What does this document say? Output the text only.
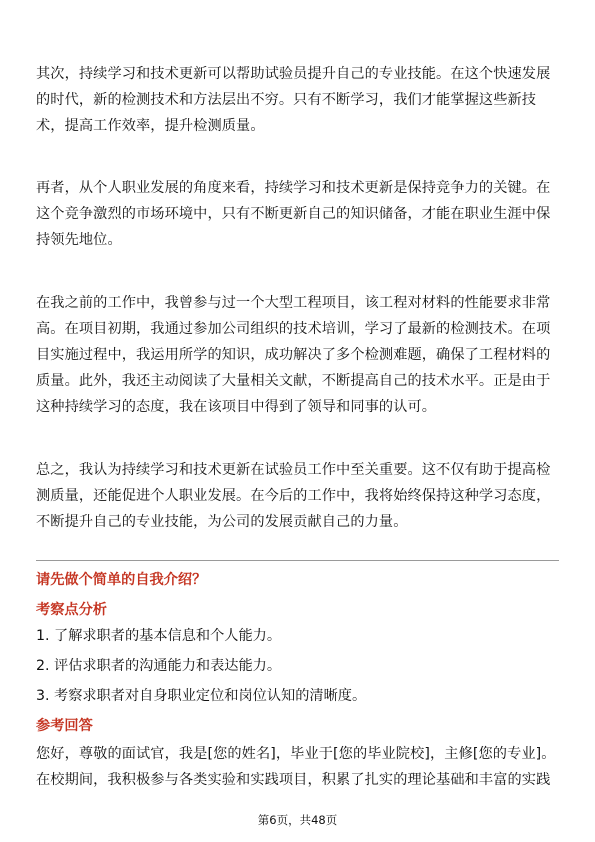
其次，持续学习和技术更新可以帮助试验员提升自己的专业技能。在这个快速发展的时代，新的检测技术和方法层出不穷。只有不断学习，我们才能掌握这些新技术，提高工作效率，提升检测质量。

再者，从个人职业发展的角度来看，持续学习和技术更新是保持竞争力的关键。在这个竞争激烈的市场环境中，只有不断更新自己的知识储备，才能在职业生涯中保持领先地位。

在我之前的工作中，我曾参与过一个大型工程项目，该工程对材料的性能要求非常高。在项目初期，我通过参加公司组织的技术培训，学习了最新的检测技术。在项目实施过程中，我运用所学的知识，成功解决了多个检测难题，确保了工程材料的质量。此外，我还主动阅读了大量相关文献，不断提高自己的技术水平。正是由于这种持续学习的态度，我在该项目中得到了领导和同事的认可。

总之，我认为持续学习和技术更新在试验员工作中至关重要。这不仅有助于提高检测质量，还能促进个人职业发展。在今后的工作中，我将始终保持这种学习态度，不断提升自己的专业技能，为公司的发展贡献自己的力量。

请先做个简单的自我介绍？
考察点分析
1. 了解求职者的基本信息和个人能力。
2. 评估求职者的沟通能力和表达能力。
3. 考察求职者对自身职业定位和岗位认知的清晰度。
参考回答

您好，尊敬的面试官，我是[您的姓名]，毕业于[您的毕业院校]，主修[您的专业]。在校期间，我积极参与各类实验和实践项目，积累了扎实的理论基础和丰富的实践

第6页，共48页
